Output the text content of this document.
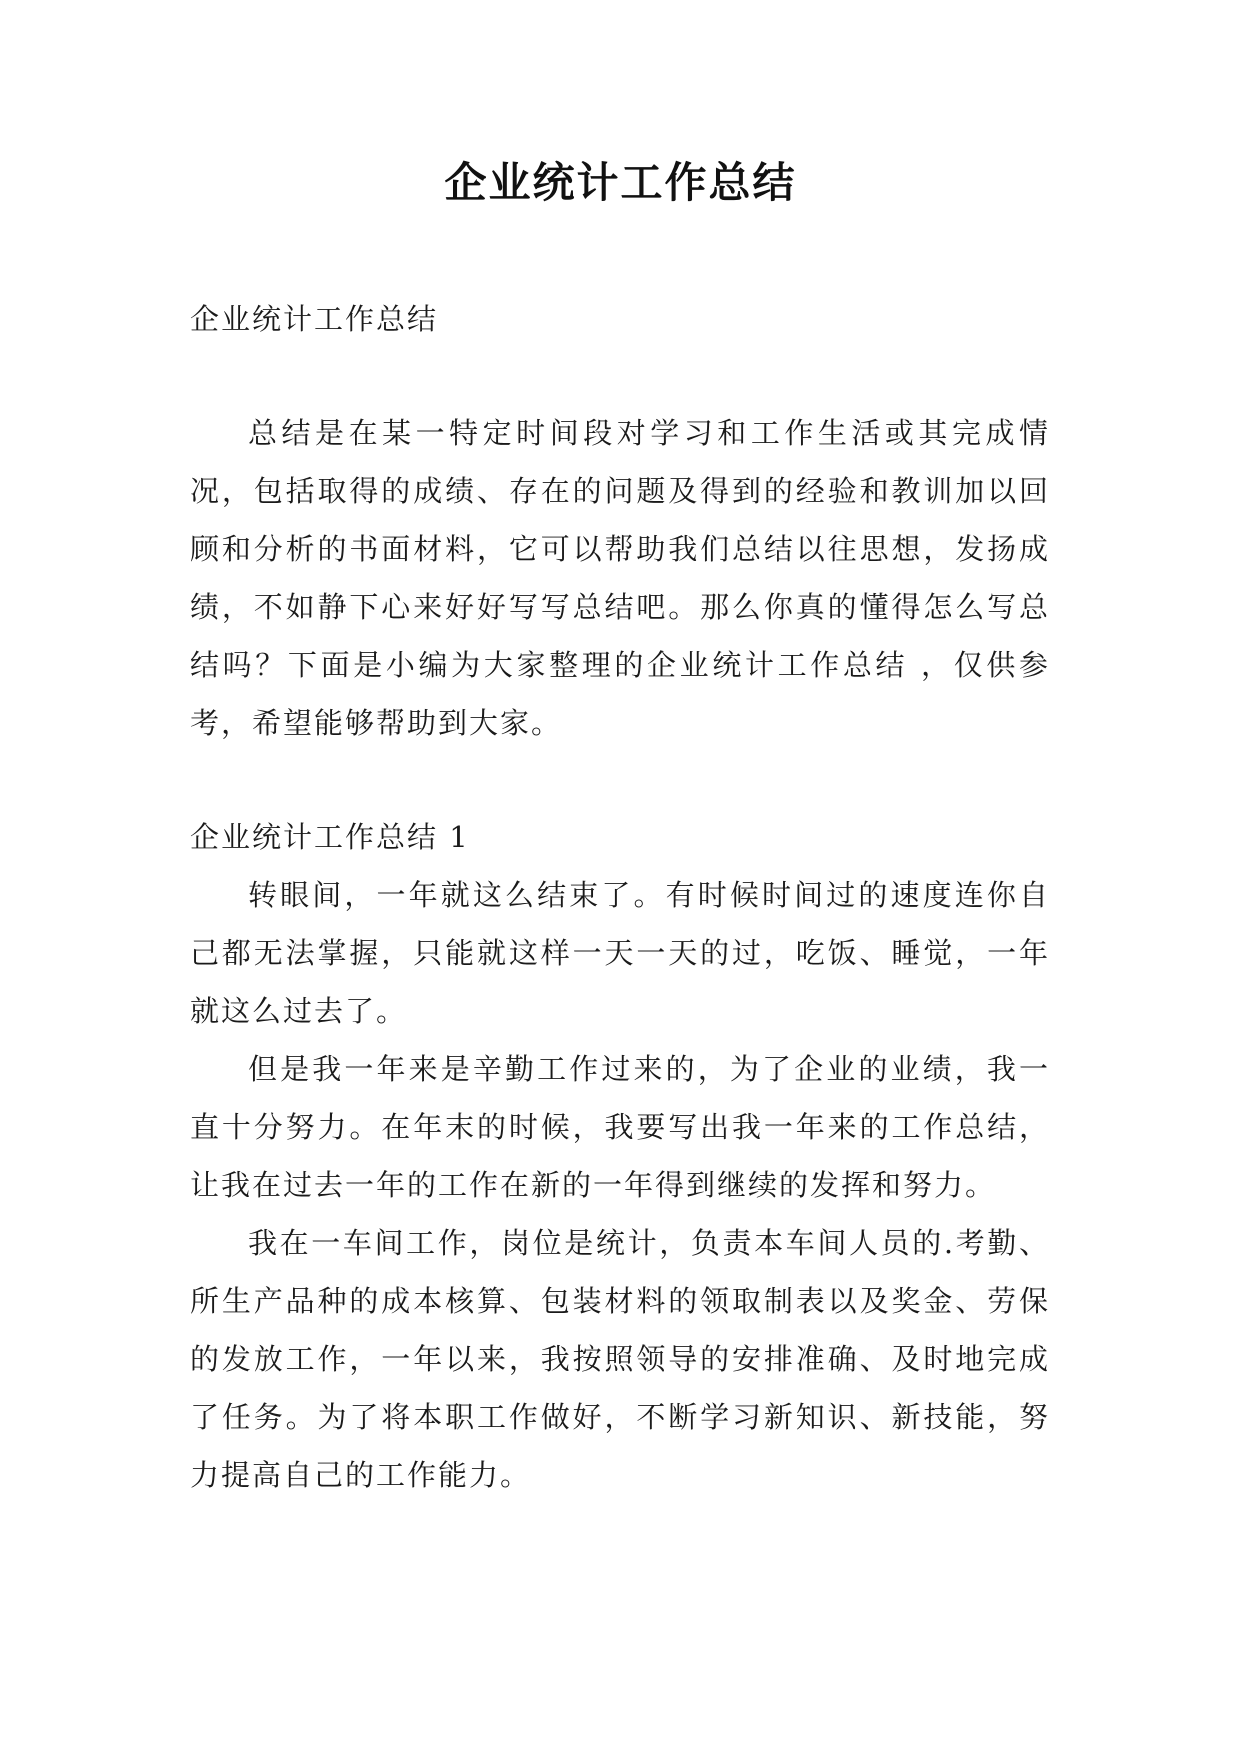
企业统计工作总结

企业统计工作总结

总结是在某一特定时间段对学习和工作生活或其完成情况，包括取得的成绩、存在的问题及得到的经验和教训加以回顾和分析的书面材料，它可以帮助我们总结以往思想，发扬成绩，不如静下心来好好写写总结吧。那么你真的懂得怎么写总结吗？下面是小编为大家整理的企业统计工作总结 ，仅供参考，希望能够帮助到大家。

企业统计工作总结 1

转眼间，一年就这么结束了。有时候时间过的速度连你自己都无法掌握，只能就这样一天一天的过，吃饭、睡觉，一年就这么过去了。

但是我一年来是辛勤工作过来的，为了企业的业绩，我一直十分努力。在年末的时候，我要写出我一年来的工作总结，让我在过去一年的工作在新的一年得到继续的发挥和努力。

我在一车间工作，岗位是统计，负责本车间人员的.考勤、所生产品种的成本核算、包装材料的领取制表以及奖金、劳保的发放工作，一年以来，我按照领导的安排准确、及时地完成了任务。为了将本职工作做好，不断学习新知识、新技能，努力提高自己的工作能力。
